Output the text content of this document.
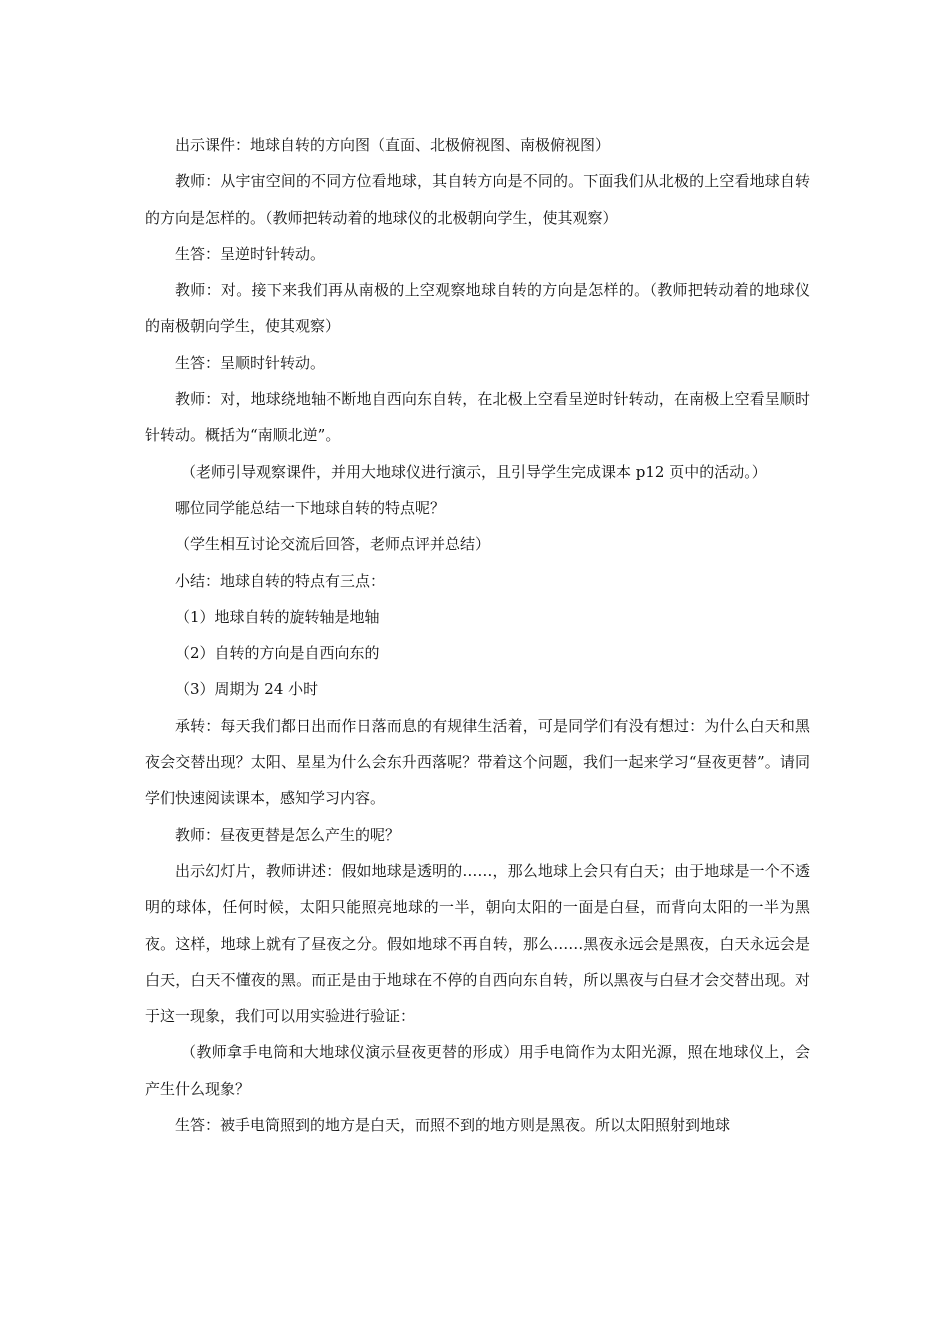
出示课件：地球自转的方向图（直面、北极俯视图、南极俯视图）

教师：从宇宙空间的不同方位看地球，其自转方向是不同的。下面我们从北极的上空看地球自转的方向是怎样的。（教师把转动着的地球仪的北极朝向学生，使其观察）

生答：呈逆时针转动。

教师：对。接下来我们再从南极的上空观察地球自转的方向是怎样的。（教师把转动着的地球仪的南极朝向学生，使其观察）

生答：呈顺时针转动。

教师：对，地球绕地轴不断地自西向东自转，在北极上空看呈逆时针转动，在南极上空看呈顺时针转动。概括为“南顺北逆”。

（老师引导观察课件，并用大地球仪进行演示，且引导学生完成课本 p12 页中的活动。）

哪位同学能总结一下地球自转的特点呢？

（学生相互讨论交流后回答，老师点评并总结）

小结：地球自转的特点有三点：

（1）地球自转的旋转轴是地轴

（2）自转的方向是自西向东的

（3）周期为 24 小时

承转：每天我们都日出而作日落而息的有规律生活着，可是同学们有没有想过：为什么白天和黑夜会交替出现？太阳、星星为什么会东升西落呢？带着这个问题，我们一起来学习“昼夜更替”。请同学们快速阅读课本，感知学习内容。

教师：昼夜更替是怎么产生的呢？

出示幻灯片，教师讲述：假如地球是透明的……，那么地球上会只有白天；由于地球是一个不透明的球体，任何时候，太阳只能照亮地球的一半，朝向太阳的一面是白昼，而背向太阳的一半为黑夜。这样，地球上就有了昼夜之分。假如地球不再自转，那么……黑夜永远会是黑夜，白天永远会是白天，白天不懂夜的黑。而正是由于地球在不停的自西向东自转，所以黑夜与白昼才会交替出现。对于这一现象，我们可以用实验进行验证：

（教师拿手电筒和大地球仪演示昼夜更替的形成）用手电筒作为太阳光源，照在地球仪上，会产生什么现象？

生答：被手电筒照到的地方是白天，而照不到的地方则是黑夜。所以太阳照射到地球
